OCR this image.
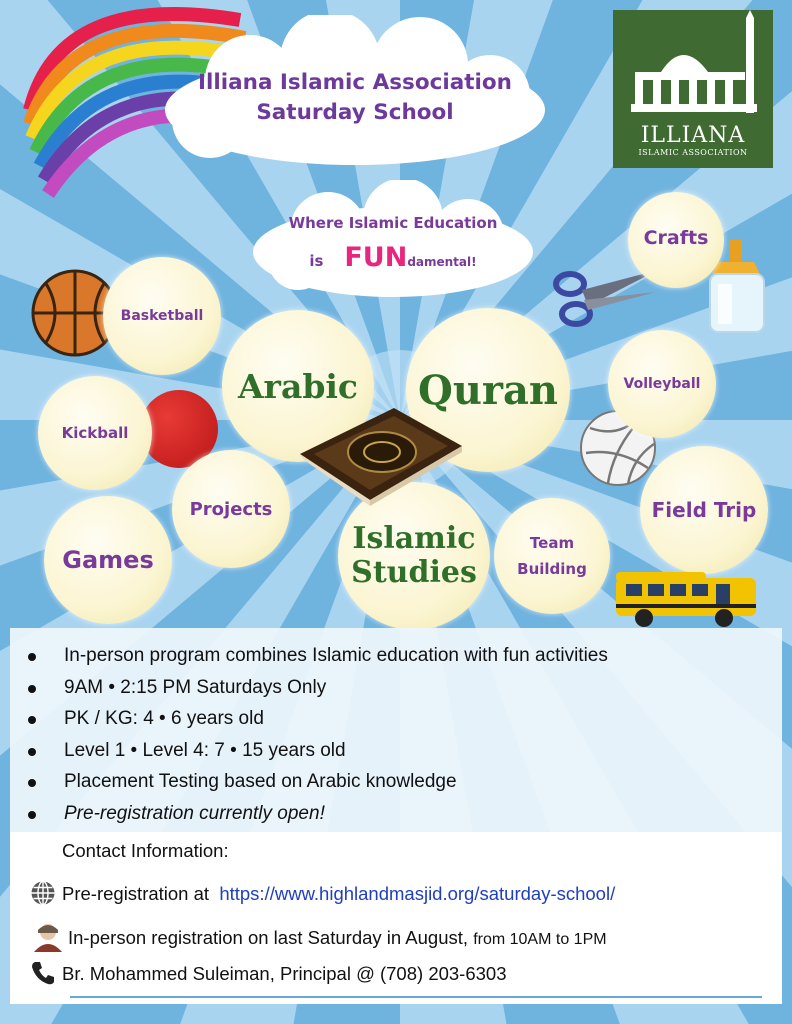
Illiana Islamic Association
Saturday School
ILLIANA
ISLAMIC ASSOCIATION
Where Islamic Education
is FUNdamental!
Crafts
Basketball
Arabic Quran	Volleyball
Kickball
Projects	Field Trip
Games
Islamic
Studies
Team
Building
In-person program combines Islamic education with fun activities
9AM • 2:15 PM Saturdays Only
PK / KG: 4 • 6 years old
Level 1 • Level 4: 7 • 15 years old
Placement Testing based on Arabic knowledge
Pre-registration currently open!
Contact Information:
Pre-registration at https://www.highlandmasjid.org/saturday-school/
In-person registration on last Saturday in August, from 10AM to 1PM
Br. Mohammed Suleiman, Principal @ (708) 203-6303
